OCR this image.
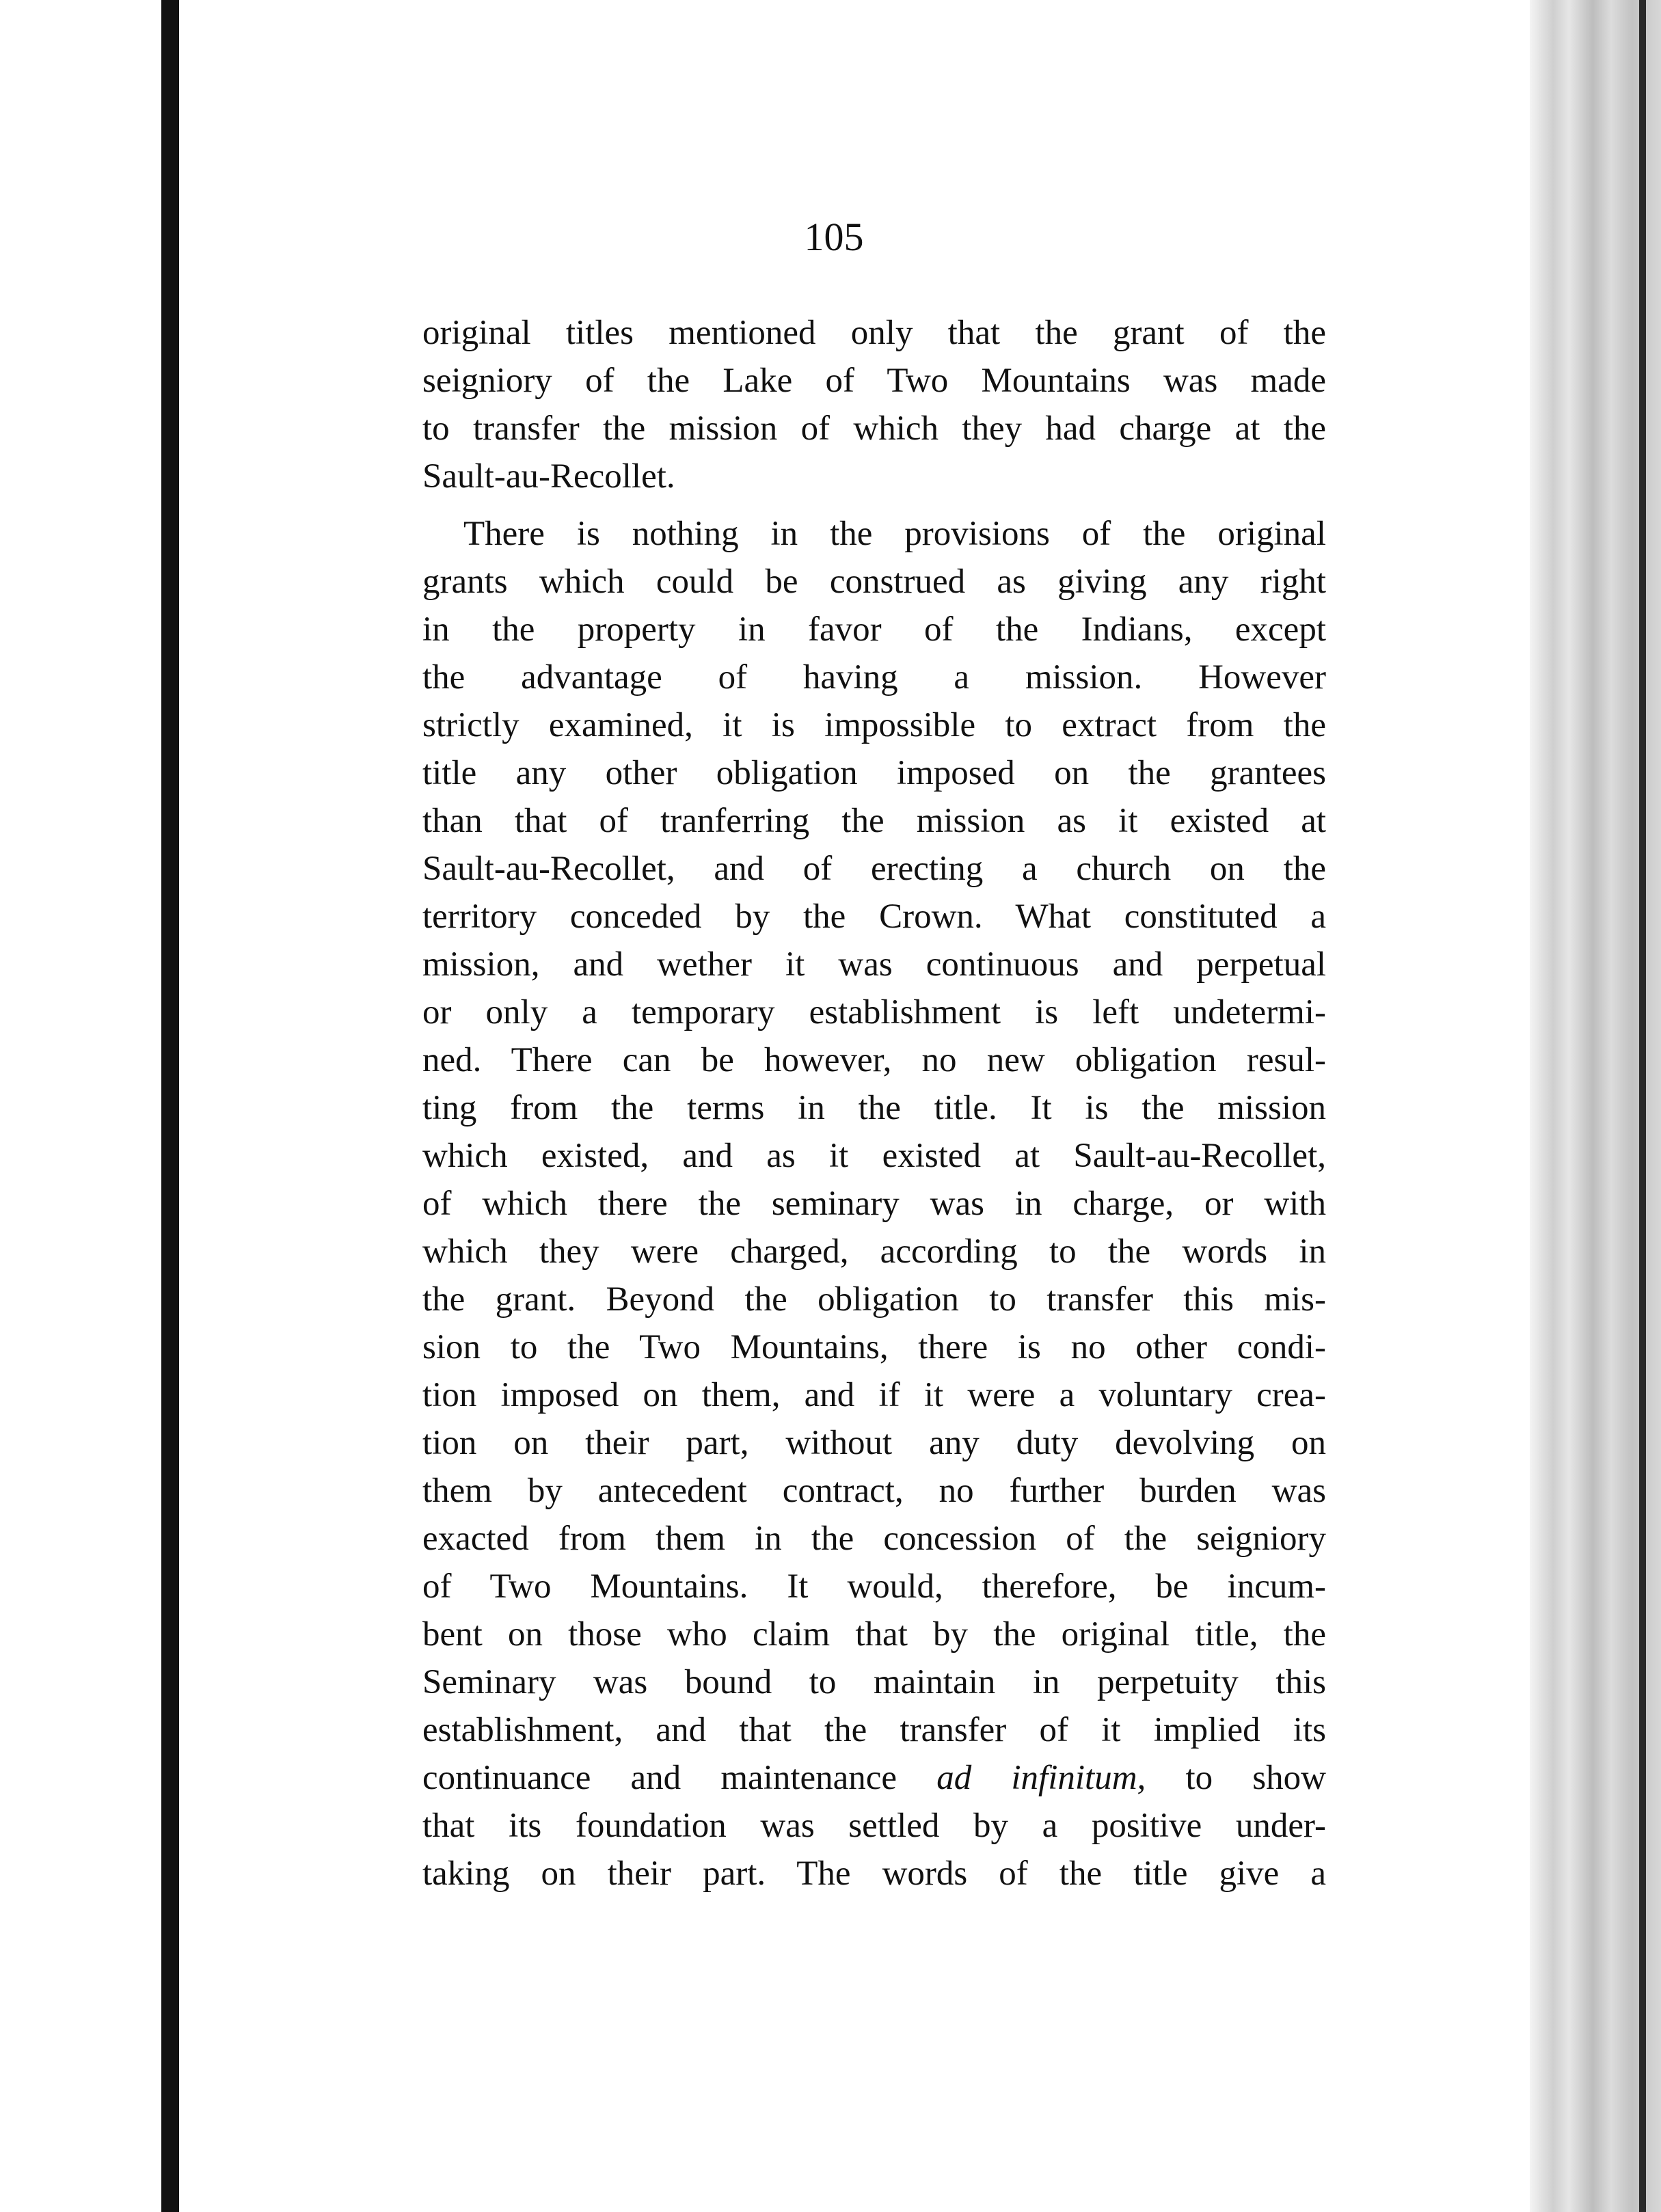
105
original titles mentioned only that the grant of the
seigniory of the Lake of Two Mountains was made
to transfer the mission of which they had charge at the
Sault-au-Recollet.
There is nothing in the provisions of the original
grants which could be construed as giving any right
in the property in favor of the Indians, except
the advantage of having a mission. However
strictly examined, it is impossible to extract from the
title any other obligation imposed on the grantees
than that of tranferring the mission as it existed at
Sault-au-Recollet, and of erecting a church on the
territory conceded by the Crown. What constituted a
mission, and wether it was continuous and perpetual
or only a temporary establishment is left undetermi-
ned. There can be however, no new obligation resul-
ting from the terms in the title. It is the mission
which existed, and as it existed at Sault-au-Recollet,
of which there the seminary was in charge, or with
which they were charged, according to the words in
the grant. Beyond the obligation to transfer this mis-
sion to the Two Mountains, there is no other condi-
tion imposed on them, and if it were a voluntary crea-
tion on their part, without any duty devolving on
them by antecedent contract, no further burden was
exacted from them in the concession of the seigniory
of Two Mountains. It would, therefore, be incum-
bent on those who claim that by the original title, the
Seminary was bound to maintain in perpetuity this
establishment, and that the transfer of it implied its
continuance and maintenance ad infinitum, to show
that its foundation was settled by a positive under-
taking on their part. The words of the title give a
